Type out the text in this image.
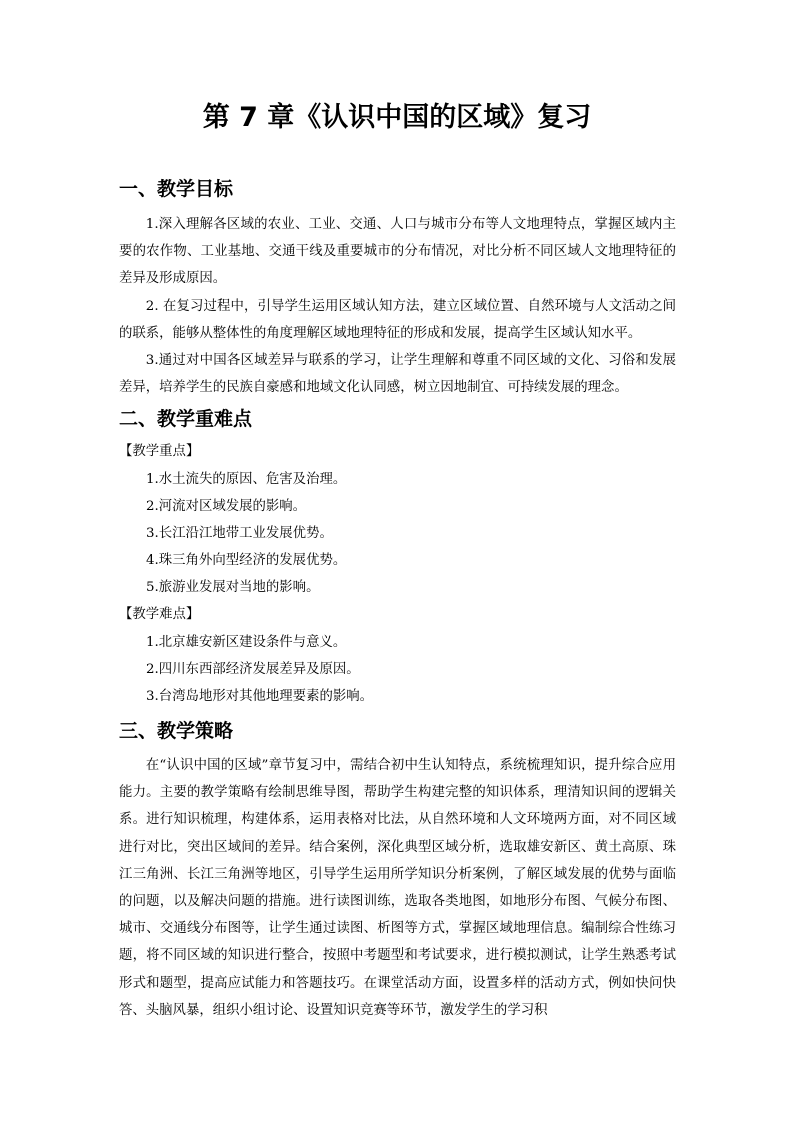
第 7 章《认识中国的区域》复习
一、教学目标
1.深入理解各区域的农业、工业、交通、人口与城市分布等人文地理特点，掌握区域内主要的农作物、工业基地、交通干线及重要城市的分布情况，对比分析不同区域人文地理特征的差异及形成原因。
2. 在复习过程中，引导学生运用区域认知方法，建立区域位置、自然环境与人文活动之间的联系，能够从整体性的角度理解区域地理特征的形成和发展，提高学生区域认知水平。
3.通过对中国各区域差异与联系的学习，让学生理解和尊重不同区域的文化、习俗和发展差异，培养学生的民族自豪感和地域文化认同感，树立因地制宜、可持续发展的理念。
二、教学重难点
【教学重点】
1.水土流失的原因、危害及治理。
2.河流对区域发展的影响。
3.长江沿江地带工业发展优势。
4.珠三角外向型经济的发展优势。
5.旅游业发展对当地的影响。
【教学难点】
1.北京雄安新区建设条件与意义。
2.四川东西部经济发展差异及原因。
3.台湾岛地形对其他地理要素的影响。
三、教学策略
在“认识中国的区域”章节复习中，需结合初中生认知特点，系统梳理知识，提升综合应用能力。主要的教学策略有绘制思维导图，帮助学生构建完整的知识体系，理清知识间的逻辑关系。进行知识梳理，构建体系，运用表格对比法，从自然环境和人文环境两方面，对不同区域进行对比，突出区域间的差异。结合案例，深化典型区域分析，选取雄安新区、黄土高原、珠江三角洲、长江三角洲等地区，引导学生运用所学知识分析案例，了解区域发展的优势与面临的问题，以及解决问题的措施。进行读图训练，选取各类地图，如地形分布图、气候分布图、城市、交通线分布图等，让学生通过读图、析图等方式，掌握区域地理信息。编制综合性练习题，将不同区域的知识进行整合，按照中考题型和考试要求，进行模拟测试，让学生熟悉考试形式和题型，提高应试能力和答题技巧。在课堂活动方面，设置多样的活动方式，例如快问快答、头脑风暴，组织小组讨论、设置知识竞赛等环节，激发学生的学习积
